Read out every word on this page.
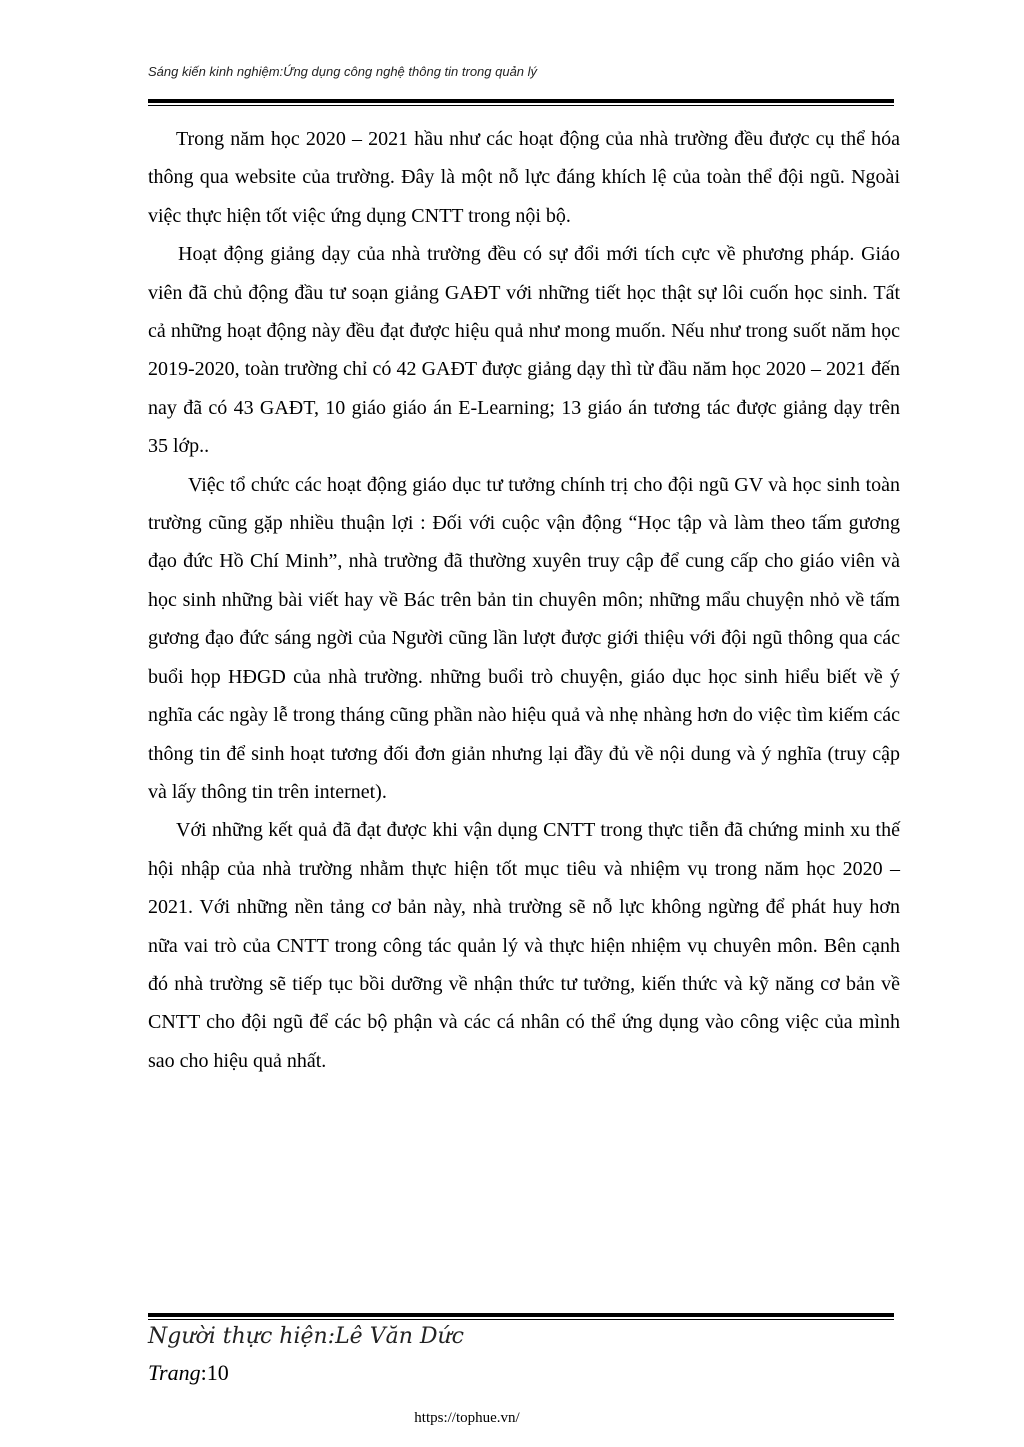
Sáng kiến kinh nghiệm:Ứng dụng công nghệ thông tin trong quản lý

Trong năm học 2020 – 2021 hầu như các hoạt động của nhà trường đều được cụ thể hóa thông qua website của trường. Đây là một nỗ lực đáng khích lệ của toàn thể đội ngũ. Ngoài việc thực hiện tốt việc ứng dụng CNTT trong nội bộ.

Hoạt động giảng dạy của nhà trường đều có sự đổi mới tích cực về phương pháp. Giáo viên đã chủ động đầu tư soạn giảng GAĐT với những tiết học thật sự lôi cuốn học sinh. Tất cả những hoạt động này đều đạt được hiệu quả như mong muốn. Nếu như trong suốt năm học 2019-2020, toàn trường chỉ có 42 GAĐT được giảng dạy thì từ đầu năm học 2020 – 2021 đến nay đã có 43 GAĐT, 10 giáo giáo án E-Learning; 13 giáo án tương tác được giảng dạy trên 35 lớp..

Việc tổ chức các hoạt động giáo dục tư tưởng chính trị cho đội ngũ GV và học sinh toàn trường cũng gặp nhiều thuận lợi : Đối với cuộc vận động “Học tập và làm theo tấm gương đạo đức Hồ Chí Minh”, nhà trường đã thường xuyên truy cập để cung cấp cho giáo viên và học sinh những bài viết hay về Bác trên bản tin chuyên môn; những mẩu chuyện nhỏ về tấm gương đạo đức sáng ngời của Người cũng lần lượt được giới thiệu với đội ngũ thông qua các buổi họp HĐGD của nhà trường. những buổi trò chuyện, giáo dục học sinh hiểu biết về ý nghĩa các ngày lễ trong tháng cũng phần nào hiệu quả và nhẹ nhàng hơn do việc tìm kiếm các thông tin để sinh hoạt tương đối đơn giản nhưng lại đầy đủ về nội dung và ý nghĩa (truy cập và lấy thông tin trên internet).

Với những kết quả đã đạt được khi vận dụng CNTT trong thực tiễn đã chứng minh xu thế hội nhập của nhà trường nhằm thực hiện tốt mục tiêu và nhiệm vụ trong năm học 2020 – 2021. Với những nền tảng cơ bản này, nhà trường sẽ nỗ lực không ngừng để phát huy hơn nữa vai trò của CNTT trong công tác quản lý và thực hiện nhiệm vụ chuyên môn. Bên cạnh đó nhà trường sẽ tiếp tục bồi dưỡng về nhận thức tư tưởng, kiến thức và kỹ năng cơ bản về CNTT cho đội ngũ để các bộ phận và các cá nhân có thể ứng dụng vào công việc của mình sao cho hiệu quả nhất.

Người thực hiện:Lê Văn Dức
Trang:10
https://tophue.vn/
